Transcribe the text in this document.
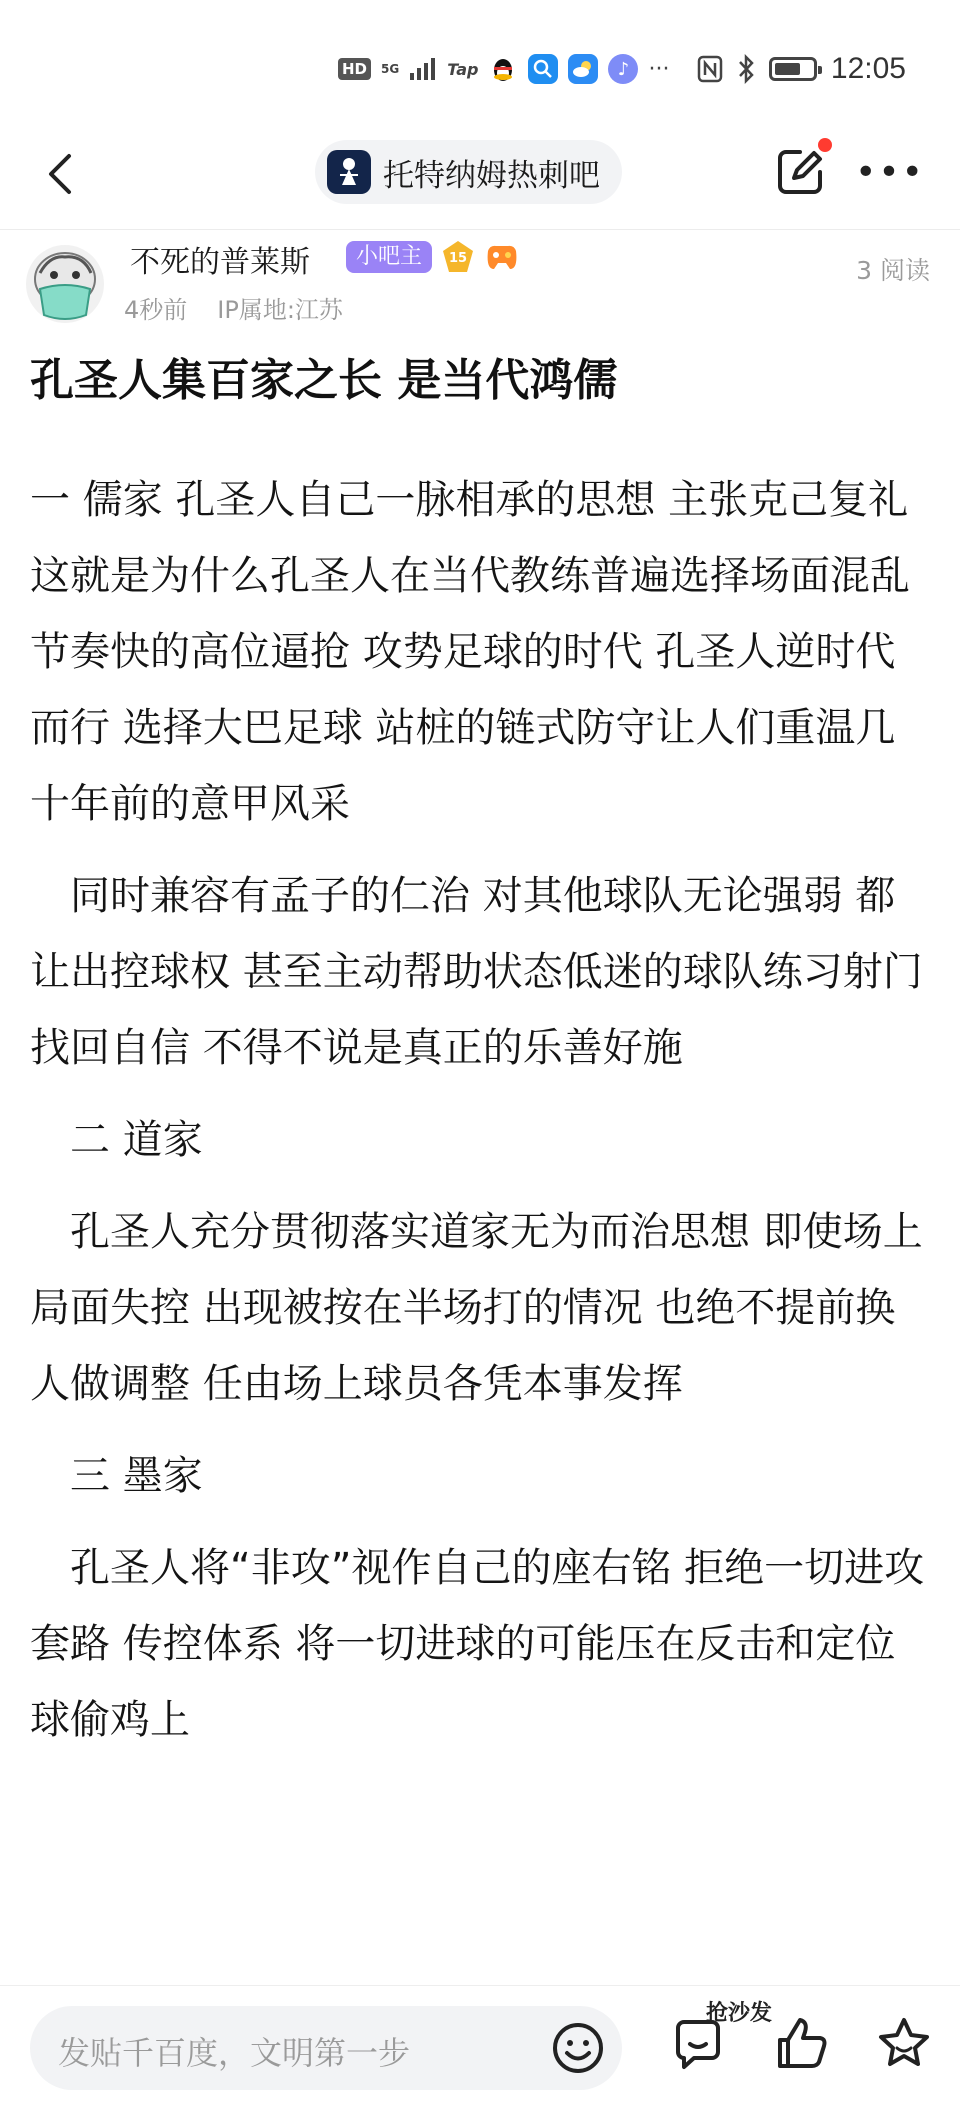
HD	5G	Tap	♪ ···	12:05
托特纳姆热刺吧	•••
不死的普莱斯	小吧主	15
4秒前 IP属地:江苏
3 阅读
孔圣人集百家之长 是当代鸿儒

一 儒家 孔圣人自己一脉相承的思想 主张克己复礼 这就是为什么孔圣人在当代教练普遍选择场面混乱 节奏快的高位逼抢 攻势足球的时代 孔圣人逆时代而行 选择大巴足球 站桩的链式防守让人们重温几十年前的意甲风采

同时兼容有孟子的仁治 对其他球队无论强弱 都让出控球权 甚至主动帮助状态低迷的球队练习射门 找回自信 不得不说是真正的乐善好施

二 道家

孔圣人充分贯彻落实道家无为而治思想 即使场上局面失控 出现被按在半场打的情况 也绝不提前换人做调整 任由场上球员各凭本事发挥

三 墨家

孔圣人将“非攻”视作自己的座右铭 拒绝一切进攻套路 传控体系 将一切进球的可能压在反击和定位球偷鸡上

发贴千百度，文明第一步
抢沙发
